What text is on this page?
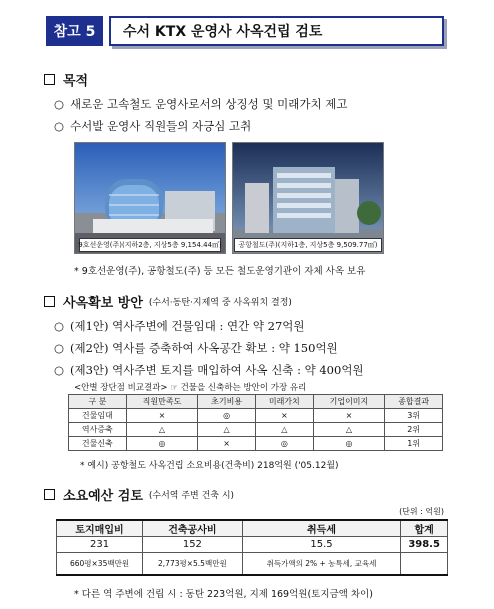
참고 5	수서 KTX 운영사 사옥건립 검토
목적
○ 새로운 고속철도 운영사로서의 상징성 및 미래가치 제고
○ 수서발 운영사 직원들의 자긍심 고취
9호선운영(주)(지하2층, 지상5층 9,154.44㎡)	공항철도(주)(지하1층, 지상5층 9,509.77㎡)
* 9호선운영(주), 공항철도(주) 등 모든 철도운영기관이 자체 사옥 보유
사옥확보 방안 (수서·동탄·지제역 중 사옥위치 결정)
○ (제1안) 역사주변에 건물임대 : 연간 약 27억원
○ (제2안) 역사를 증축하여 사옥공간 확보 : 약 150억원
○ (제3안) 역사주변 토지를 매입하여 사옥 신축 : 약 400억원
<안별 장단점 비교결과> ☞ 건물을 신축하는 방안이 가장 유리
구 분	직원만족도	초기비용	미래가치	기업이미지	종합결과
건물임대	×	◎	×	×	3위
역사증축	△	△	△	△	2위
건물신축	◎	×	◎	◎	1위
* 예시) 공항철도 사옥건립 소요비용(건축비) 218억원 ('05.12월)
소요예산 검토 (수서역 주변 건축 시)
(단위 : 억원)
토지매입비	건축공사비	취득세	합계
231	152	15.5	398.5
660평×35백만원	2,773평×5.5백만원	취득가액의 2% + 농특세, 교육세	
* 다른 역 주변에 건립 시 : 동탄 223억원, 지제 169억원(토지금액 차이)
